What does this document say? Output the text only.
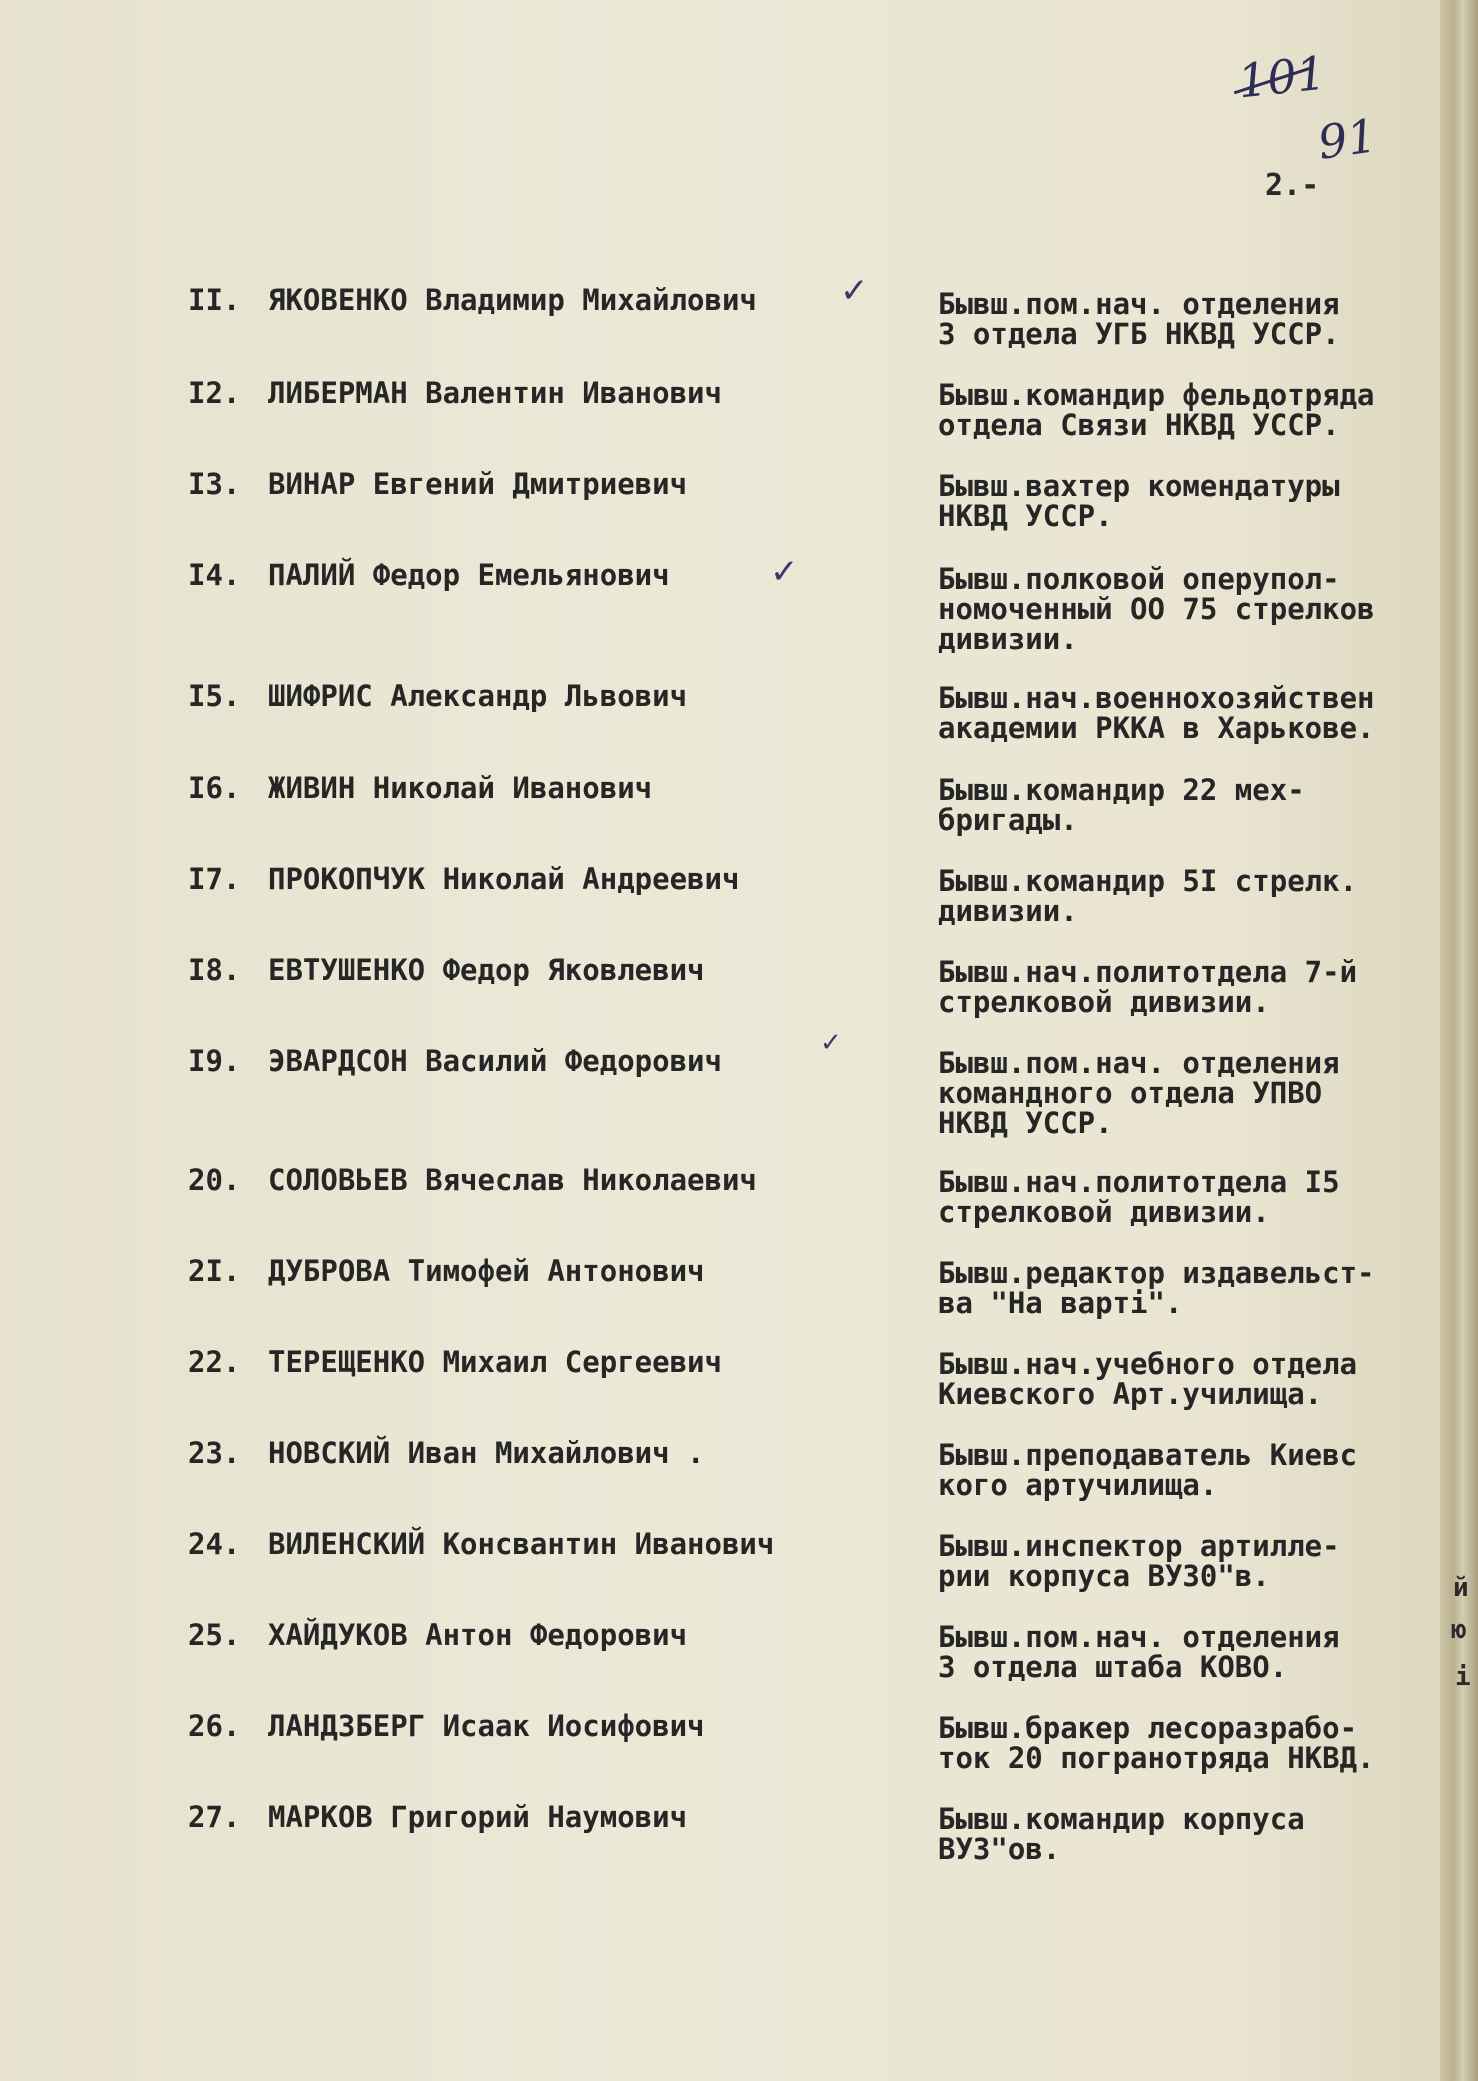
91
2.-
II. ЯКОВЕНКО Владимир Михайлович ✓ Бывш.пом.нач. отделения
3 отдела УГБ НКВД УССР.
I2. ЛИБЕРМАН Валентин Иванович	Бывш.командир фельдотряда
отдела Связи НКВД УССР.
I3. ВИНАР Евгений Дмитриевич	Бывш.вахтер комендатуры
НКВД УССР.
I4. ПАЛИЙ Федор Емельянович	✓	Бывш.полковой оперупол-
номоченный ОО 75 стрелков
дивизии.
I5. ШИФРИС Александр Львович	Бывш.нач.военнохозяйствен
академии РККА в Харькове.
I6. ЖИВИН Николай Иванович	Бывш.командир 22 мех-
бригады.
I7. ПРОКОПЧУК Николай Андреевич	Бывш.командир 5I стрелк.
дивизии.
I8. ЕВТУШЕНКО Федор Яковлевич	Бывш.нач.политотдела 7-й
стрелковой дивизии.
I9. ЭВАРДСОН Василий Федорович
✓
Бывш.пом.нач. отделения
командного отдела УПВО
НКВД УССР.
20. СОЛОВЬЕВ Вячеслав Николаевич	Бывш.нач.политотдела I5
стрелковой дивизии.
2I. ДУБРОВА Тимофей Антонович	Бывш.редактор издавельст-
ва "На варті".
22. ТЕРЕЩЕНКО Михаил Сергеевич	Бывш.нач.учебного отдела
Киевского Арт.училища.
23. НОВСКИЙ Иван Михайлович .	Бывш.преподаватель Киевс
кого артучилища.
24. ВИЛЕНСКИЙ Консвантин Иванович	Бывш.инспектор артилле-
рии корпуса ВУЗ0"в.
25. ХАЙДУКОВ Антон Федорович	Бывш.пом.нач. отделения
3 отдела штаба КОВО.
26. ЛАНДЗБЕРГ Исаак Иосифович	Бывш.бракер лесоразрабо-
ток 20 погранотряда НКВД.
27. МАРКОВ Григорий Наумович	Бывш.командир корпуса
ВУЗ"ов.
й
ю
і
